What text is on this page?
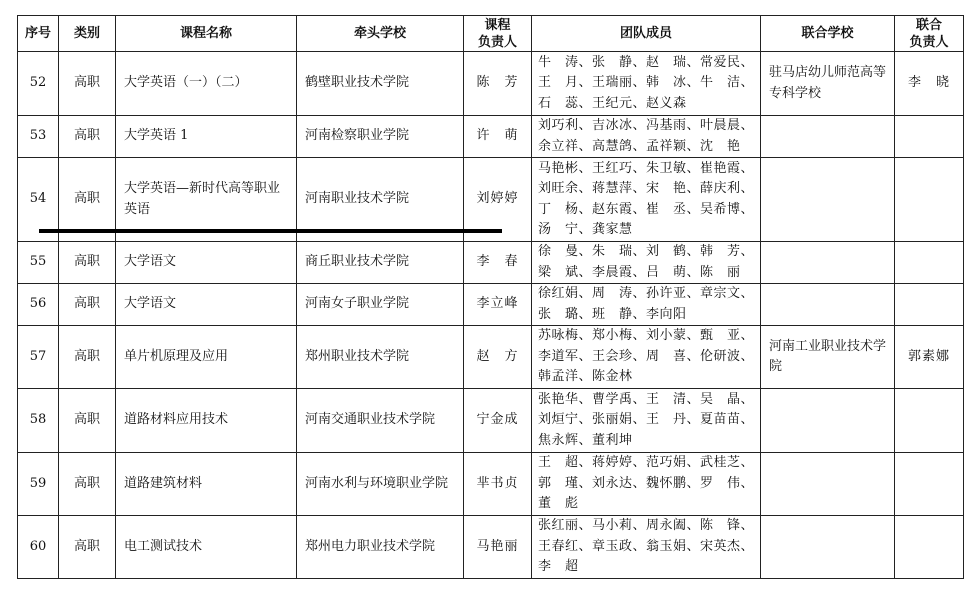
序号	类别	课程名称	牵头学校	课程
负责人	团队成员	联合学校	联合
负责人
52	高职	大学英语（一）（二）	鹤壁职业技术学院	陈　芳	牛　涛、张　静、赵　瑞、常爱民、
王　月、王瑞丽、韩　冰、牛　洁、
石　蕊、王纪元、赵义森	驻马店幼儿师范高等专科学校	李　晓
53	高职	大学英语 1	河南检察职业学院	许　萌	刘巧利、吉冰冰、冯基雨、叶晨晨、
余立祥、高慧鸽、孟祥颖、沈　艳		

54	高职	大学英语—新时代高等职业英语	河南职业技术学院	刘婷婷	马艳彬、王红巧、朱卫敏、崔艳霞、
刘旺余、蒋慧萍、宋　艳、薛庆利、
丁　杨、赵东霞、崔　丞、吴希博、
汤　宁、龚家慧		

55	高职	大学语文	商丘职业技术学院	李　春	徐　曼、朱　瑞、刘　鹤、韩　芳、
梁　斌、李晨霞、吕　萌、陈　丽		

56	高职	大学语文	河南女子职业学院	李立峰	徐红娟、周　涛、孙许亚、章宗文、
张　璐、班　静、李向阳		

57	高职	单片机原理及应用	郑州职业技术学院	赵　方	苏咏梅、郑小梅、刘小蒙、甄　亚、
李道军、王会珍、周　喜、伦研波、
韩孟洋、陈金林	河南工业职业技术学院	郭素娜
58	高职	道路材料应用技术	河南交通职业技术学院	宁金成	张艳华、曹学禹、王　清、吴　晶、
刘烜宁、张丽娟、王　丹、夏苗苗、
焦永辉、董利坤		

59	高职	道路建筑材料	河南水利与环境职业学院	芈书贞	王　超、蒋婷婷、范巧娟、武桂芝、
郭　瑾、刘永达、魏怀鹏、罗　伟、
董　彪		

60	高职	电工测试技术	郑州电力职业技术学院	马艳丽	张红丽、马小莉、周永阖、陈　锋、
王春红、章玉政、翁玉娟、宋英杰、
李　超		
